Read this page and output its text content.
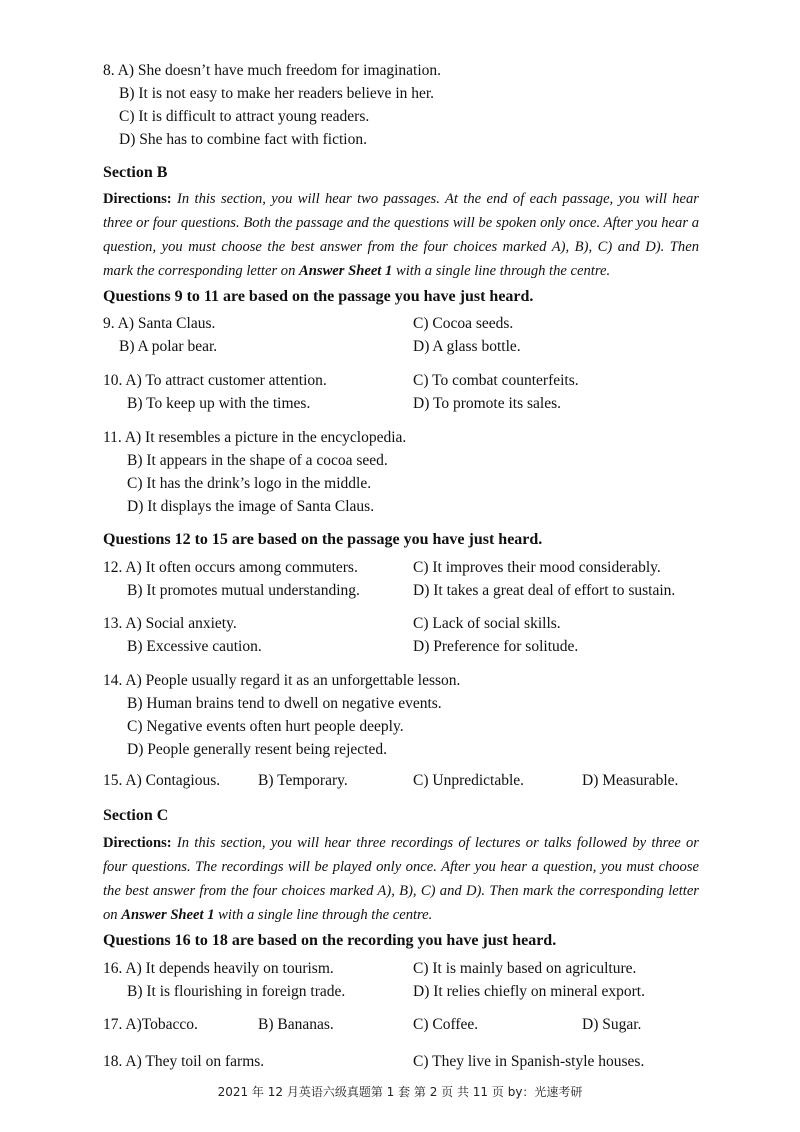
8. A) She doesn’t have much freedom for imagination.
B) It is not easy to make her readers believe in her.
C) It is difficult to attract young readers.
D) She has to combine fact with fiction.
Section B
Directions: In this section, you will hear two passages. At the end of each passage, you will hear three or four questions. Both the passage and the questions will be spoken only once. After you hear a question, you must choose the best answer from the four choices marked A), B), C) and D). Then mark the corresponding letter on Answer Sheet 1 with a single line through the centre.
Questions 9 to 11 are based on the passage you have just heard.
9. A) Santa Claus.	C) Cocoa seeds.
B) A polar bear.	D) A glass bottle.
10. A) To attract customer attention.	C) To combat counterfeits.
B) To keep up with the times.	D) To promote its sales.
11. A) It resembles a picture in the encyclopedia.
B) It appears in the shape of a cocoa seed.
C) It has the drink’s logo in the middle.
D) It displays the image of Santa Claus.
Questions 12 to 15 are based on the passage you have just heard.
12. A) It often occurs among commuters.	C) It improves their mood considerably.
B) It promotes mutual understanding.	D) It takes a great deal of effort to sustain.
13. A) Social anxiety.	C) Lack of social skills.
B) Excessive caution.	D) Preference for solitude.
14. A) People usually regard it as an unforgettable lesson.
B) Human brains tend to dwell on negative events.
C) Negative events often hurt people deeply.
D) People generally resent being rejected.
15. A) Contagious. B) Temporary.	C) Unpredictable.	D) Measurable.
Section C
Directions: In this section, you will hear three recordings of lectures or talks followed by three or four questions. The recordings will be played only once. After you hear a question, you must choose the best answer from the four choices marked A), B), C) and D). Then mark the corresponding letter on Answer Sheet 1 with a single line through the centre.
Questions 16 to 18 are based on the recording you have just heard.
16. A) It depends heavily on tourism.	C) It is mainly based on agriculture.
B) It is flourishing in foreign trade.	D) It relies chiefly on mineral export.
17. A)Tobacco.	B) Bananas.	C) Coffee.	D) Sugar.
18. A) They toil on farms.	C) They live in Spanish-style houses.
2021 年 12 月英语六级真题第 1 套 第 2 页 共 11 页 by：光速考研
